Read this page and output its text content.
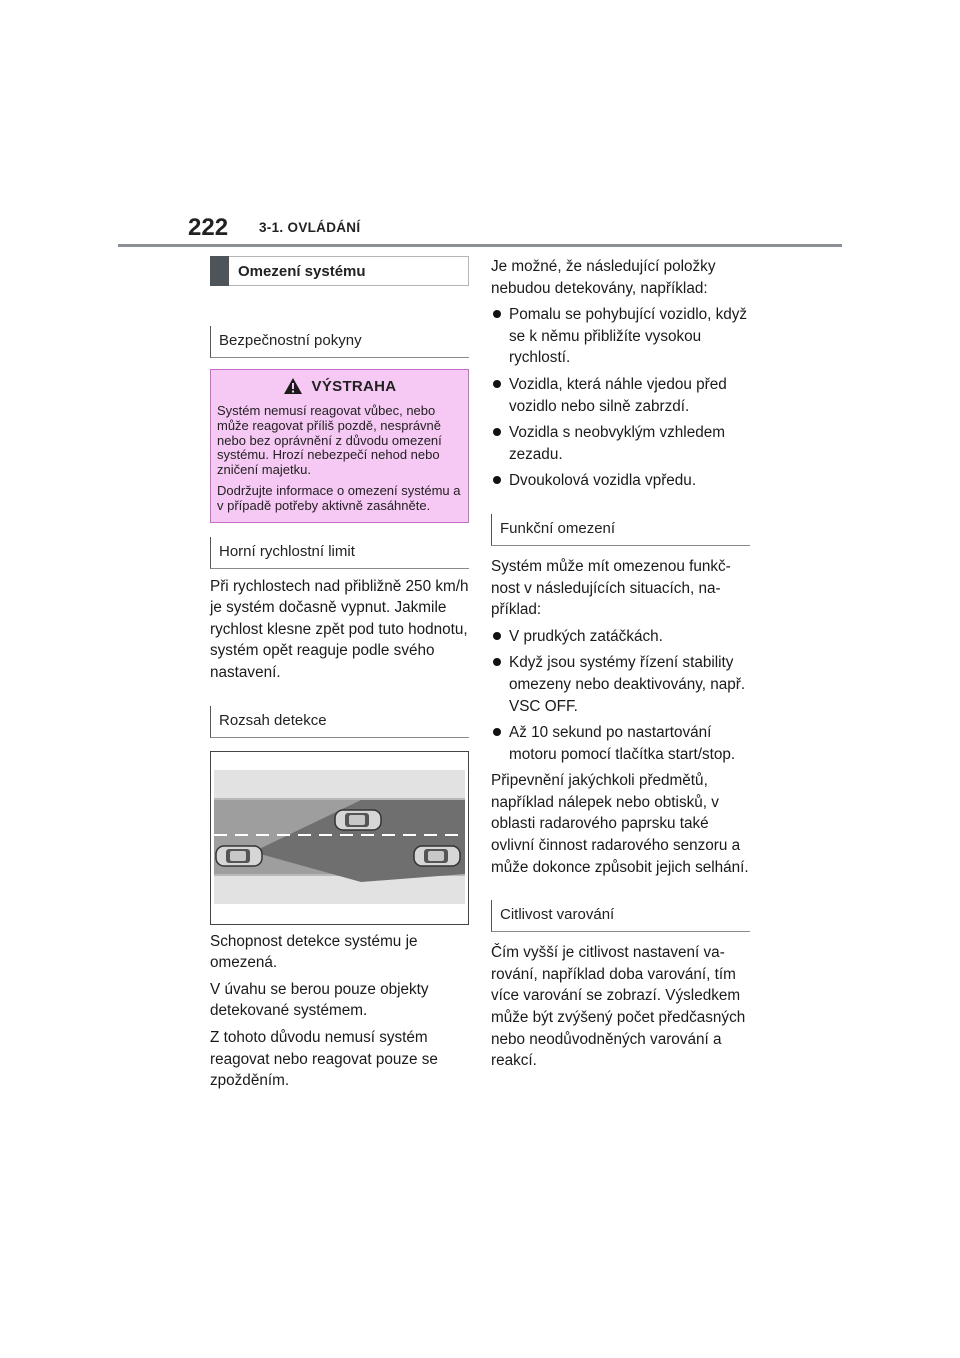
222 3-1. OVLÁDÁNÍ
Omezení systému
Bezpečnostní pokyny
VÝSTRAHA

Systém nemusí reagovat vůbec, nebo může reagovat příliš pozdě, nesprávně nebo bez oprávnění z důvodu omezení systému. Hrozí nebezpečí nehod nebo zničení majetku.

Dodržujte informace o omezení systému a v případě potřeby aktivně zasáhněte.

Horní rychlostní limit

Při rychlostech nad přibližně 250 km/h je systém dočasně vypnut. Jakmile rychlost klesne zpět pod tuto hodnotu, systém opět reaguje podle svého nastavení.

Rozsah detekce

Schopnost detekce systému je omezená.

V úvahu se berou pouze objekty detekované systémem.

Z tohoto důvodu nemusí systém reagovat nebo reagovat pouze se zpožděním.

Je možné, že následující položky nebudou detekovány, například:

Pomalu se pohybující vozidlo, když se k němu přibližíte vysokou rychlostí.
Vozidla, která náhle vjedou před vozidlo nebo silně zabrzdí.
Vozidla s neobvyklým vzhledem zezadu.
Dvoukolová vozidla vpředu.
Funkční omezení

Systém může mít omezenou funkčnost v následujících situacích, například:

V prudkých zatáčkách.
Když jsou systémy řízení stability omezeny nebo deaktivovány, např. VSC OFF.
Až 10 sekund po nastartování motoru pomocí tlačítka start/stop.

Připevnění jakýchkoli předmětů, například nálepek nebo obtisků, v oblasti radarového paprsku také ovlivní činnost radarového senzoru a může dokonce způsobit jejich selhání.

Citlivost varování

Čím vyšší je citlivost nastavení varování, například doba varování, tím více varování se zobrazí. Výsledkem může být zvýšený počet předčasných nebo neodůvodněných varování a reakcí.
